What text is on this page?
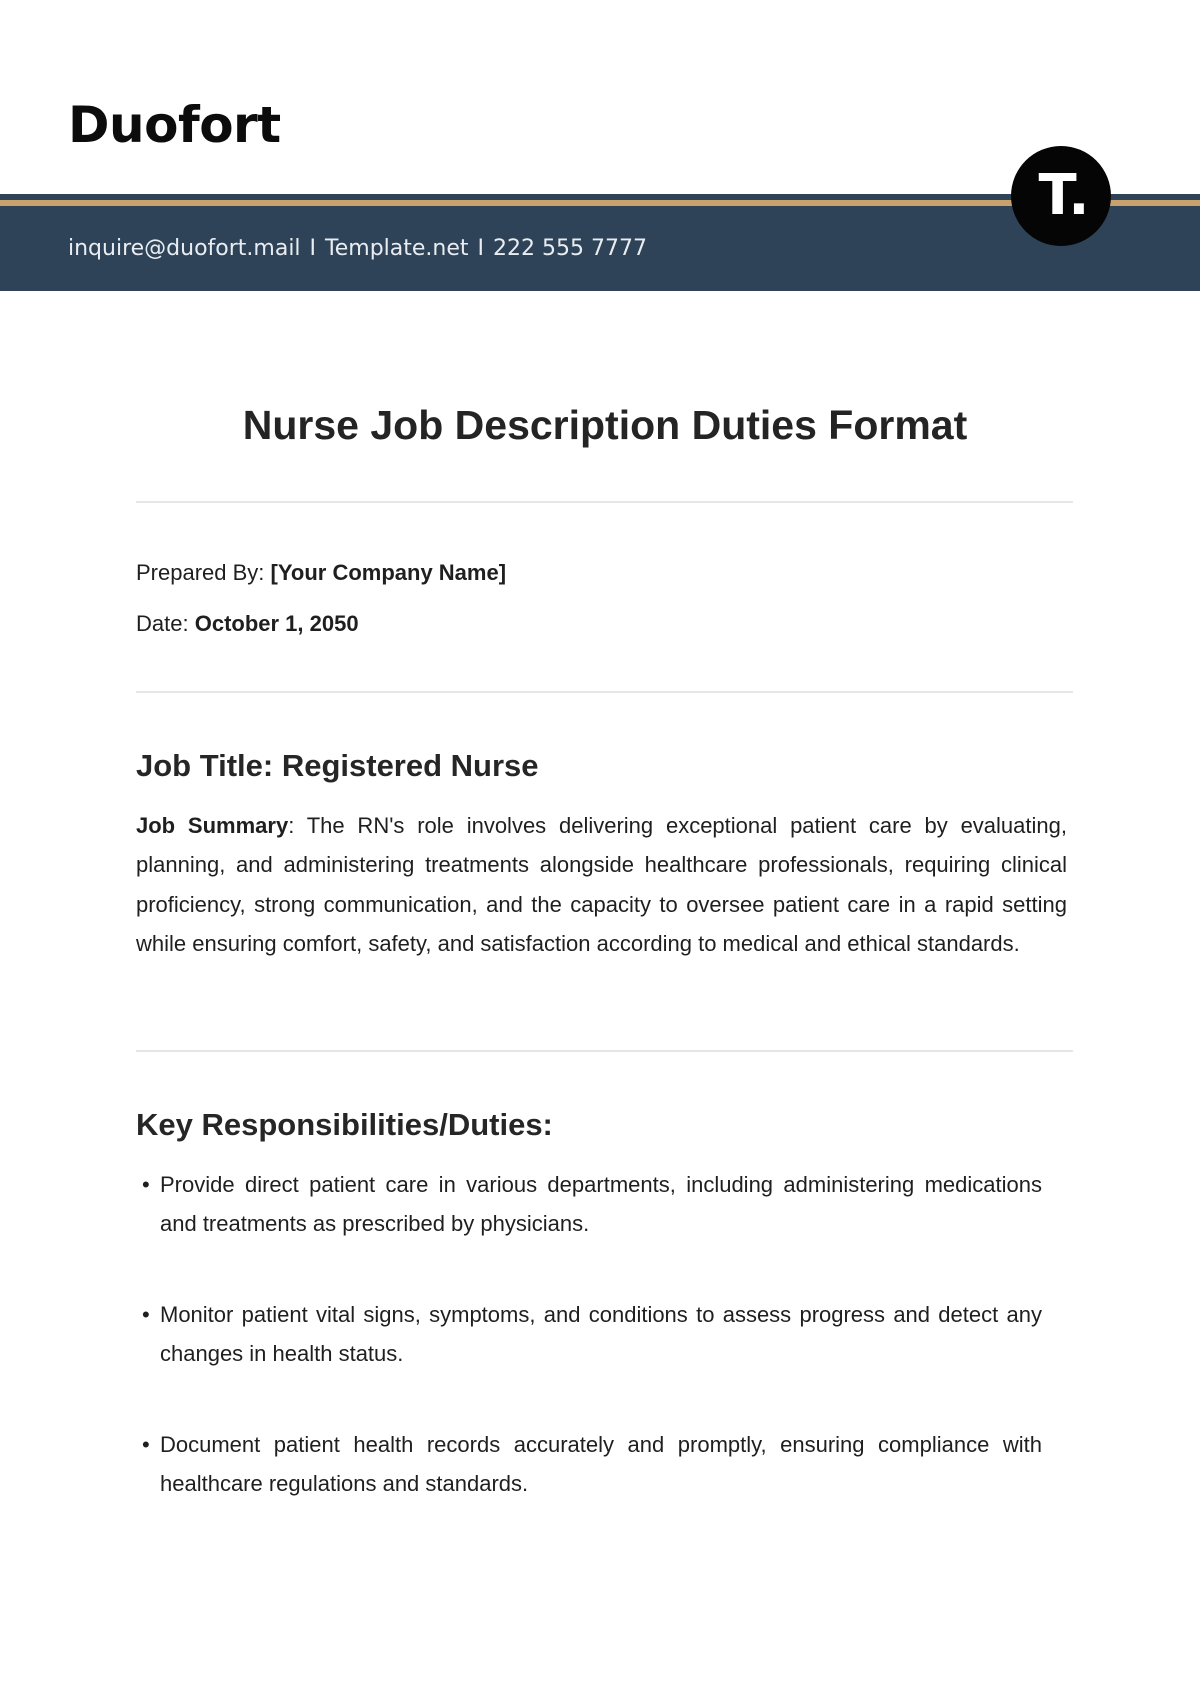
Duofort
inquire@duofort.mail I Template.net I 222 555 7777
T.
Nurse Job Description Duties Format
Prepared By: [Your Company Name]
Date: October 1, 2050
Job Title: Registered Nurse

Job Summary: The RN's role involves delivering exceptional patient care by evaluating, planning, and administering treatments alongside healthcare professionals, requiring clinical proficiency, strong communication, and the capacity to oversee patient care in a rapid setting while ensuring comfort, safety, and satisfaction according to medical and ethical standards.

Key Responsibilities/Duties:
• Provide direct patient care in various departments, including administering medications and treatments as prescribed by physicians.
• Monitor patient vital signs, symptoms, and conditions to assess progress and detect any changes in health status.
• Document patient health records accurately and promptly, ensuring compliance with healthcare regulations and standards.
